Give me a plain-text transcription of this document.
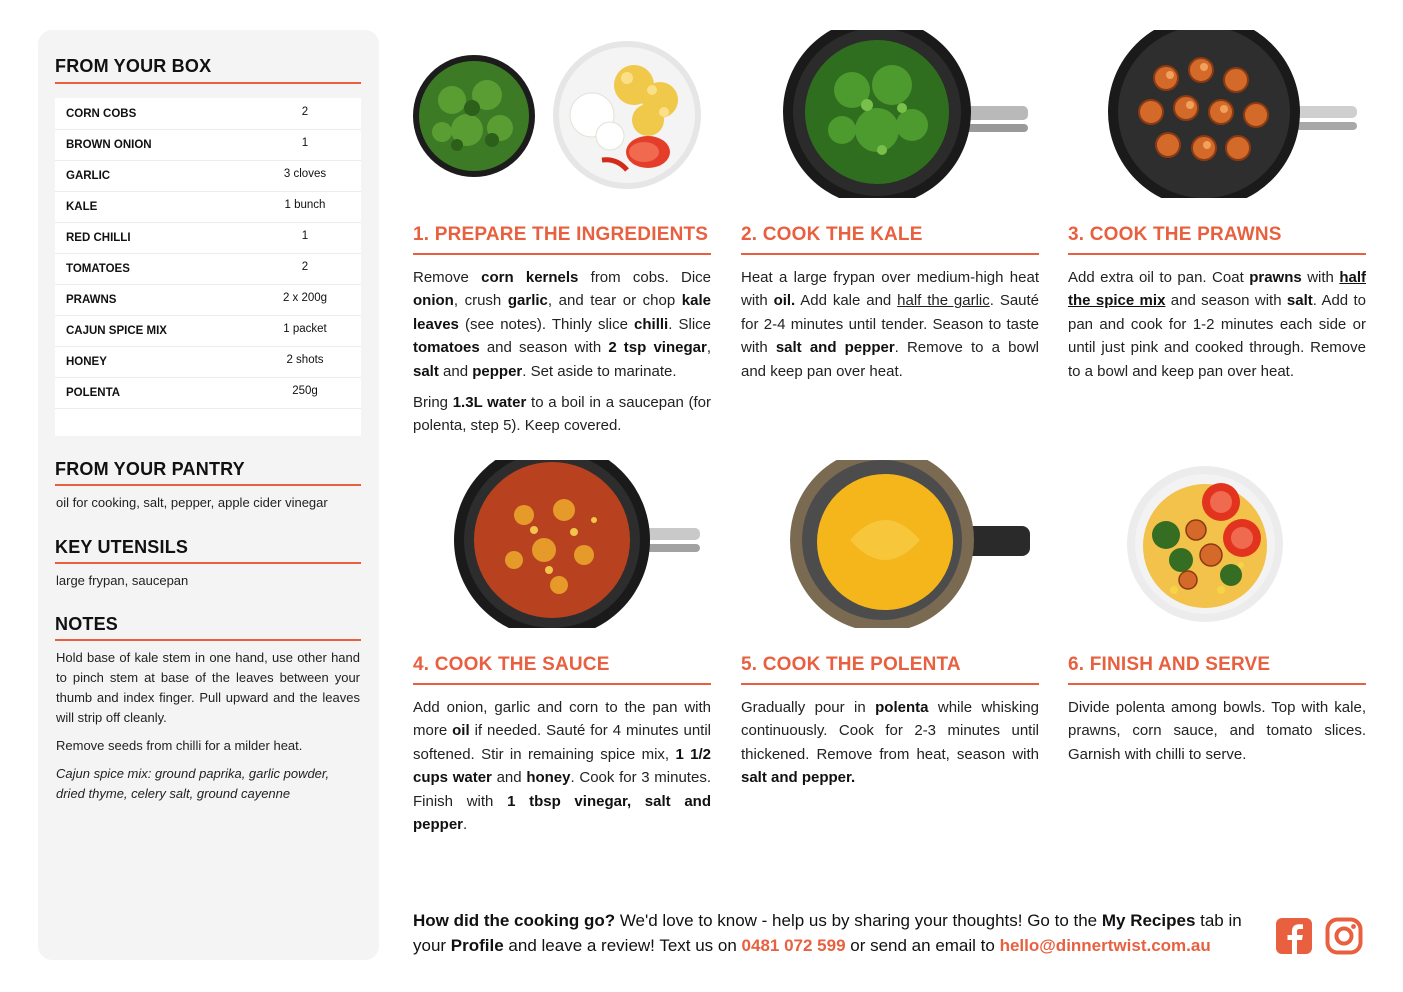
FROM YOUR BOX
CORN COBS	2
BROWN ONION	1
GARLIC	3 cloves
KALE	1 bunch
RED CHILLI	1
TOMATOES	2
PRAWNS	2 x 200g
CAJUN SPICE MIX	1 packet
HONEY	2 shots
POLENTA	250g
FROM YOUR PANTRY
oil for cooking, salt, pepper, apple cider vinegar
KEY UTENSILS
large frypan, saucepan
NOTES
Hold base of kale stem in one hand, use other hand to pinch stem at base of the leaves between your thumb and index finger. Pull upward and the leaves will strip off cleanly.
Remove seeds from chilli for a milder heat.
Cajun spice mix: ground paprika, garlic powder, dried thyme, celery salt, ground cayenne
1. PREPARE THE INGREDIENTS 2. COOK THE KALE	3. COOK THE PRAWNS
4. COOK THE SAUCE	5. COOK THE POLENTA	6. FINISH AND SERVE

Remove corn kernels from cobs. Dice onion, crush garlic, and tear or chop kale leaves (see notes). Thinly slice chilli. Slice tomatoes and season with 2 tsp vinegar, salt and pepper. Set aside to marinate.

Bring 1.3L water to a boil in a saucepan (for polenta, step 5). Keep covered.

Heat a large frypan over medium-high heat with oil. Add kale and half the garlic. Sauté for 2-4 minutes until tender. Season to taste with salt and pepper. Remove to a bowl and keep pan over heat.

Add extra oil to pan. Coat prawns with half the spice mix and season with salt. Add to pan and cook for 1-2 minutes each side or until just pink and cooked through. Remove to a bowl and keep pan over heat.

Add onion, garlic and corn to the pan with more oil if needed. Sauté for 4 minutes until softened. Stir in remaining spice mix, 1 1/2 cups water and honey. Cook for 3 minutes. Finish with 1 tbsp vinegar, salt and pepper.

Gradually pour in polenta while whisking continuously. Cook for 2-3 minutes until thickened. Remove from heat, season with salt and pepper.

Divide polenta among bowls. Top with kale, prawns, corn sauce, and tomato slices. Garnish with chilli to serve.

How did the cooking go? We'd love to know - help us by sharing your thoughts! Go to the My Recipes tab in your Profile and leave a review! Text us on 0481 072 599 or send an email to hello@dinnertwist.com.au
